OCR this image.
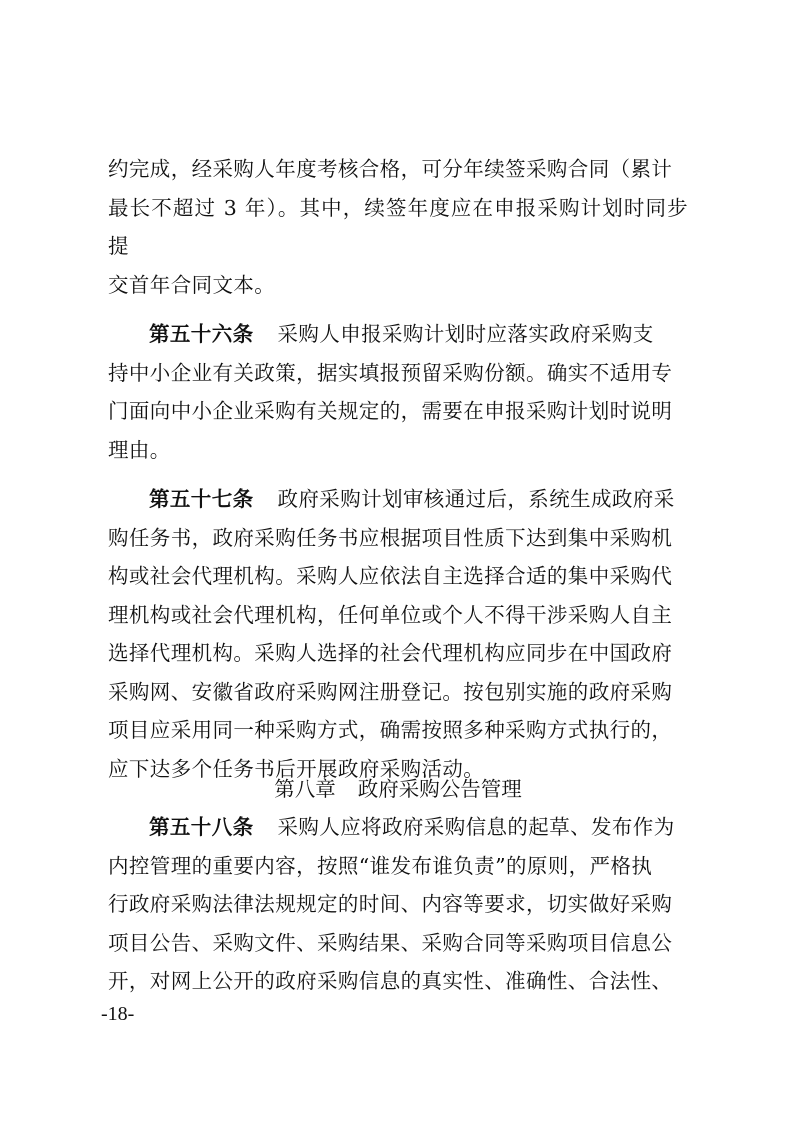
约完成，经采购人年度考核合格，可分年续签采购合同（累计
最长不超过 3 年）。其中，续签年度应在申报采购计划时同步提
交首年合同文本。

第五十六条 采购人申报采购计划时应落实政府采购支
持中小企业有关政策，据实填报预留采购份额。确实不适用专
门面向中小企业采购有关规定的，需要在申报采购计划时说明
理由。

第五十七条 政府采购计划审核通过后，系统生成政府采
购任务书，政府采购任务书应根据项目性质下达到集中采购机
构或社会代理机构。采购人应依法自主选择合适的集中采购代
理机构或社会代理机构，任何单位或个人不得干涉采购人自主
选择代理机构。采购人选择的社会代理机构应同步在中国政府
采购网、安徽省政府采购网注册登记。按包别实施的政府采购
项目应采用同一种采购方式，确需按照多种采购方式执行的，
应下达多个任务书后开展政府采购活动。

第八章 政府采购公告管理

第五十八条 采购人应将政府采购信息的起草、发布作为
内控管理的重要内容，按照“谁发布谁负责”的原则，严格执
行政府采购法律法规规定的时间、内容等要求，切实做好采购
项目公告、采购文件、采购结果、采购合同等采购项目信息公
开，对网上公开的政府采购信息的真实性、准确性、合法性、

-18-
